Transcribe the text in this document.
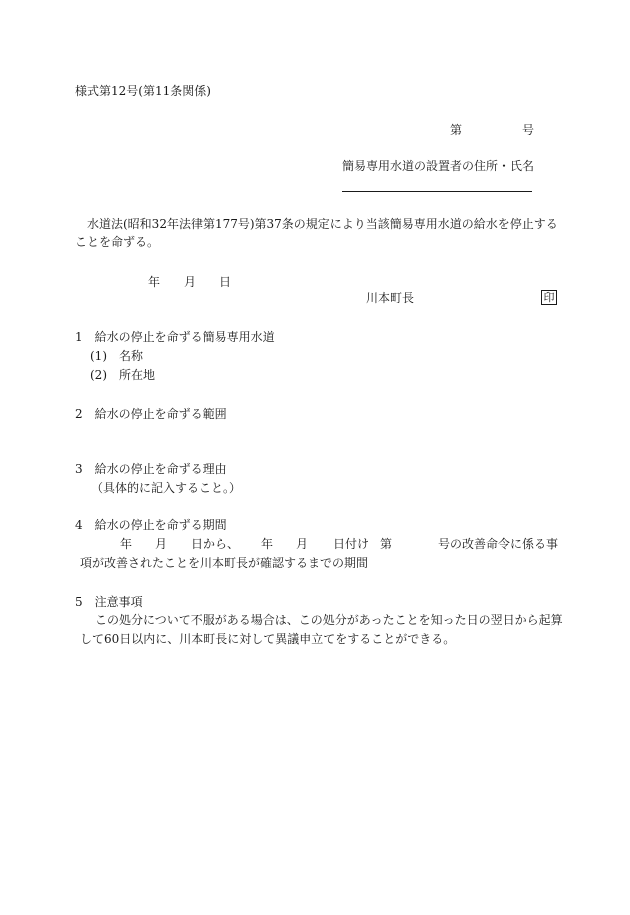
様式第12号(第11条関係)
第	号
簡易専用水道の設置者の住所・氏名
水道法(昭和32年法律第177号)第37条の規定により当該簡易専用水道の給水を停止する
ことを命ずる。
年 月 日
川本町長	印
1　給水の停止を命ずる簡易専用水道
(1)　名称
(2)　所在地
2　給水の停止を命ずる範囲
3　給水の停止を命ずる理由
（具体的に記入すること。）
4　給水の停止を命ずる期間
年 月 日から、 年 月 日付け 第	号の改善命令に係る事
項が改善されたことを川本町長が確認するまでの期間
5　注意事項
この処分について不服がある場合は、この処分があったことを知った日の翌日から起算
して60日以内に、川本町長に対して異議申立てをすることができる。
